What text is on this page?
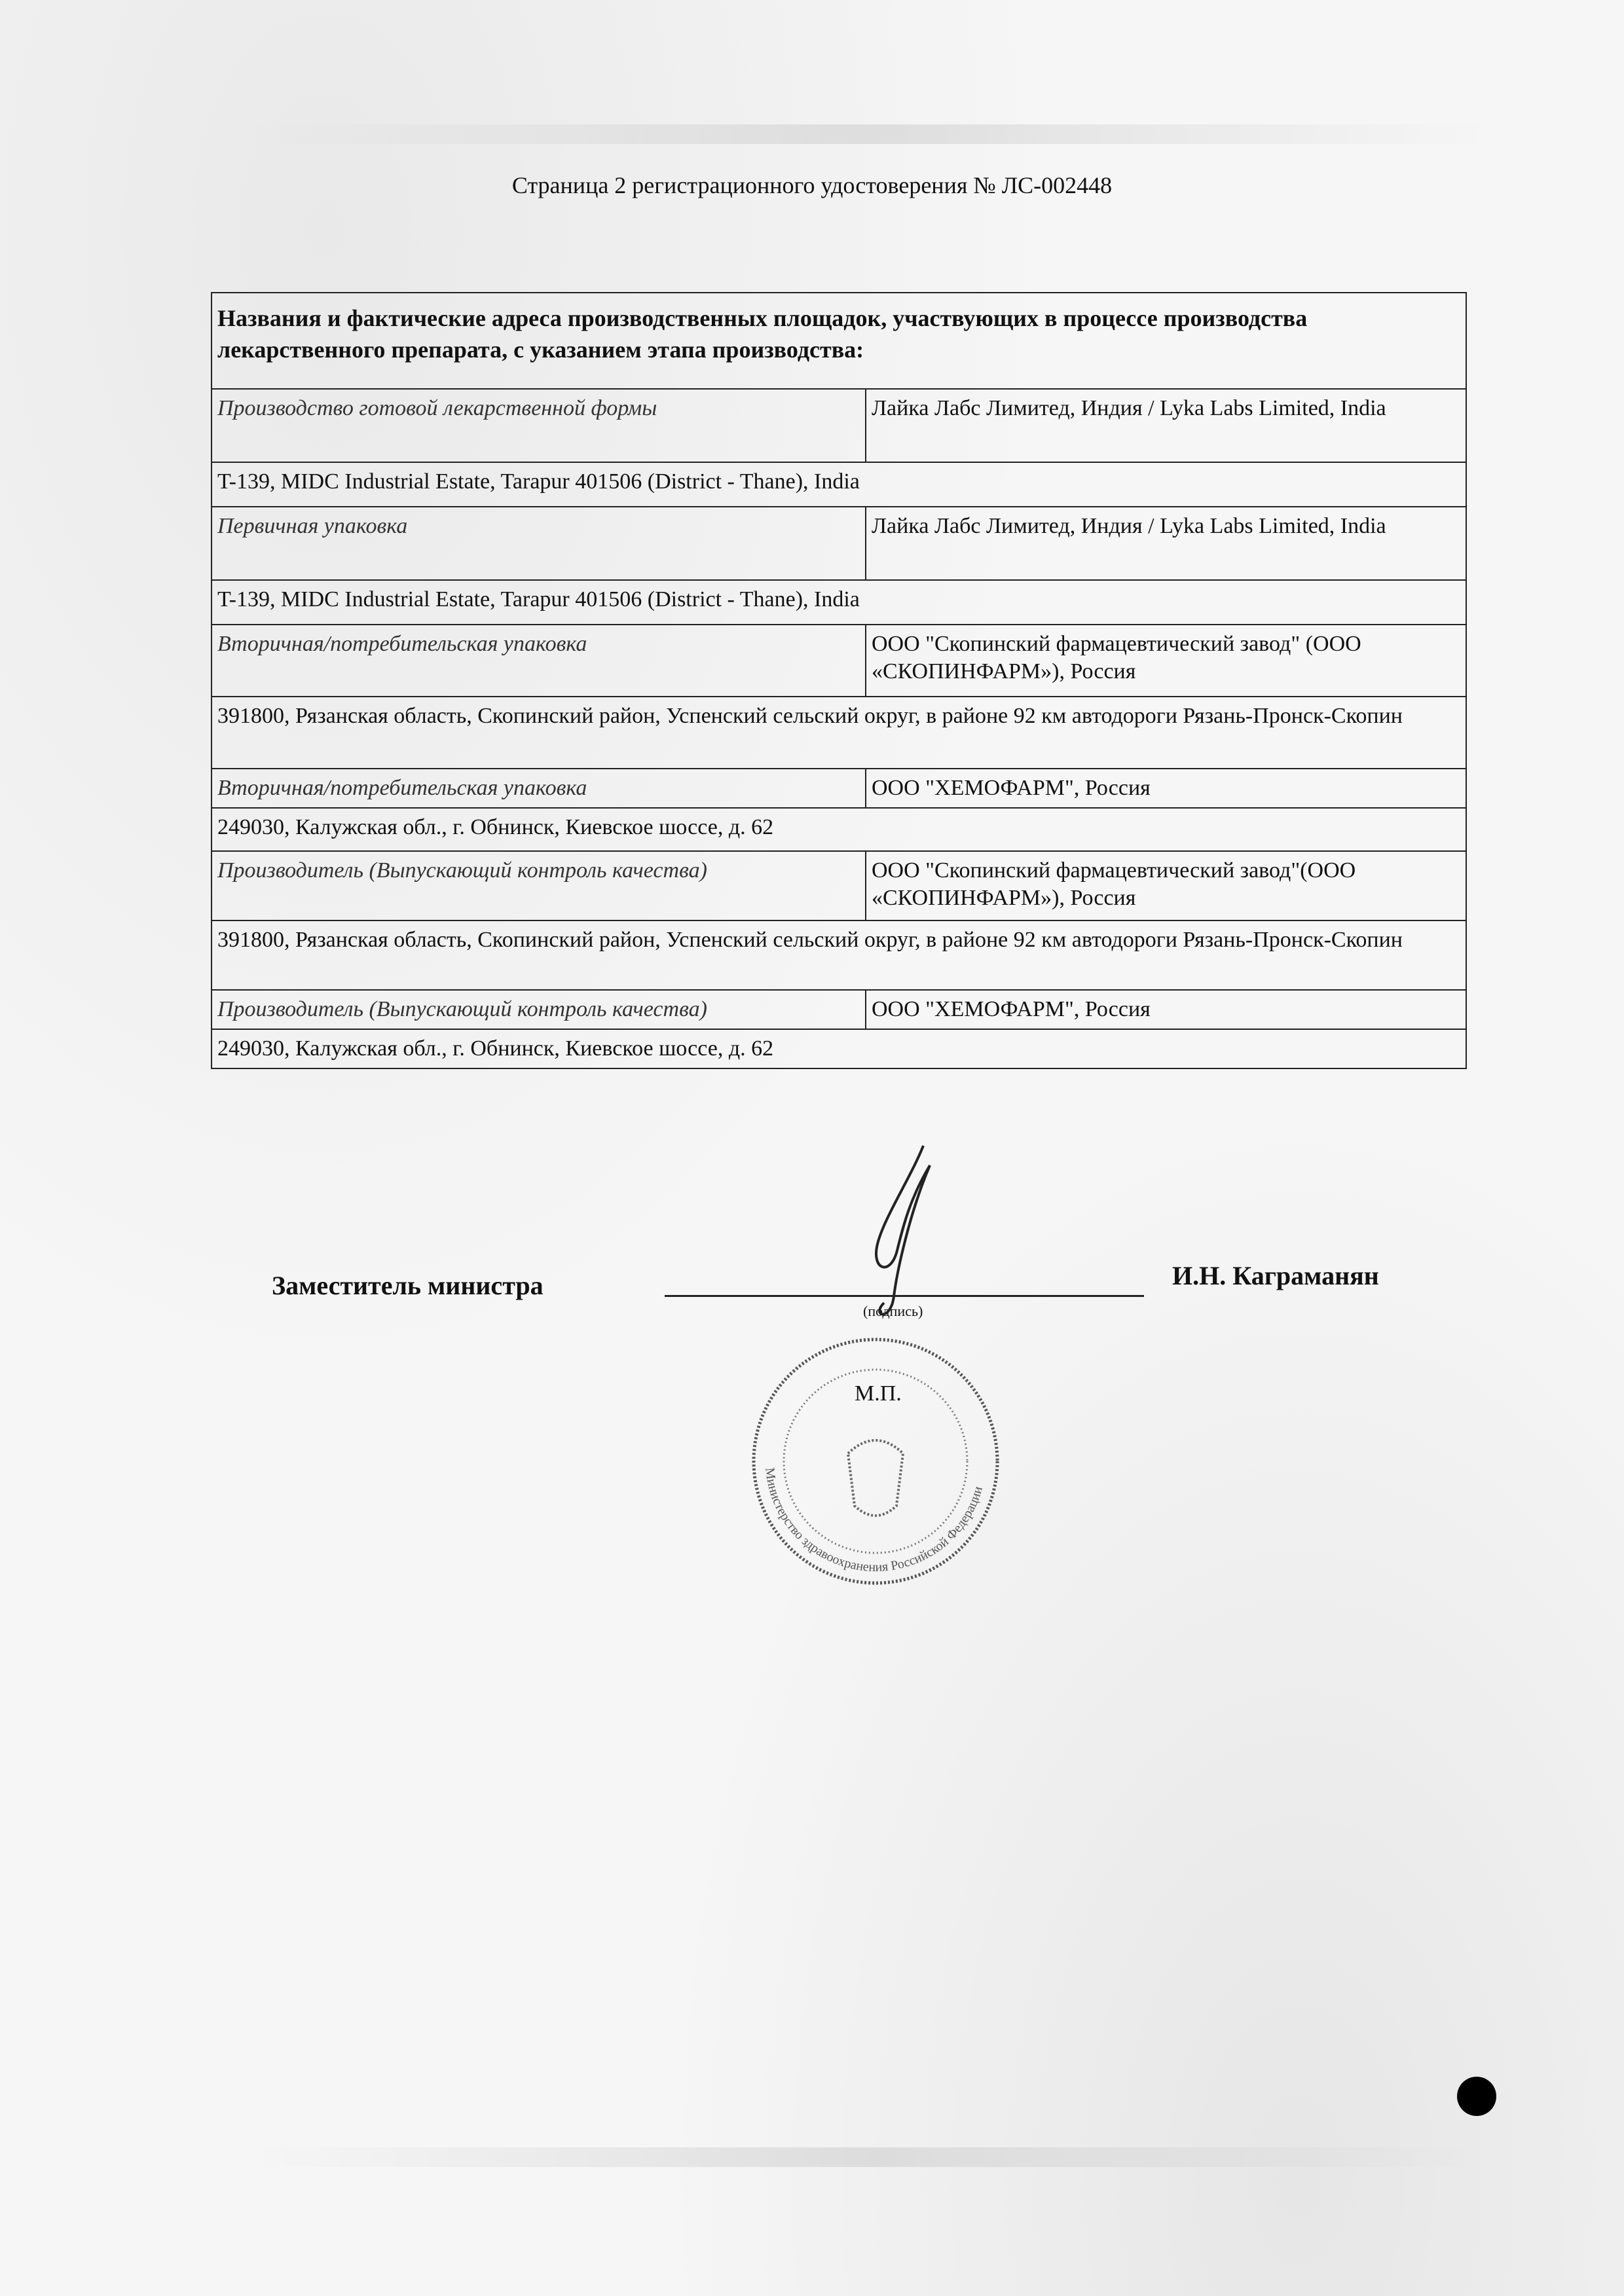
Страница 2 регистрационного удостоверения № ЛС-002448
Названия и фактические адреса производственных площадок, участвующих в процессе производства лекарственного препарата, с указанием этапа производства:
Производство готовой лекарственной формы	Лайка Лабс Лимитед, Индия / Lyka Labs Limited, India
T-139, MIDC Industrial Estate, Tarapur 401506 (District - Thane), India
Первичная упаковка	Лайка Лабс Лимитед, Индия / Lyka Labs Limited, India
T-139, MIDC Industrial Estate, Tarapur 401506 (District - Thane), India
Вторичная/потребительская упаковка	ООО "Скопинский фармацевтический завод" (ООО «СКОПИНФАРМ»), Россия
391800, Рязанская область, Скопинский район, Успенский сельский округ, в районе 92 км автодороги Рязань-Пронск-Скопин
Вторичная/потребительская упаковка	ООО "ХЕМОФАРМ", Россия
249030, Калужская обл., г. Обнинск, Киевское шоссе, д. 62
Производитель (Выпускающий контроль качества)	ООО "Скопинский фармацевтический завод"(ООО «СКОПИНФАРМ»), Россия
391800, Рязанская область, Скопинский район, Успенский сельский округ, в районе 92 км автодороги Рязань-Пронск-Скопин
Производитель (Выпускающий контроль качества)	ООО "ХЕМОФАРМ", Россия
249030, Калужская обл., г. Обнинск, Киевское шоссе, д. 62
Заместитель министра	И.Н. Каграманян
Министерство здравоохранения Российской Федерации
(подпись)
М.П.
